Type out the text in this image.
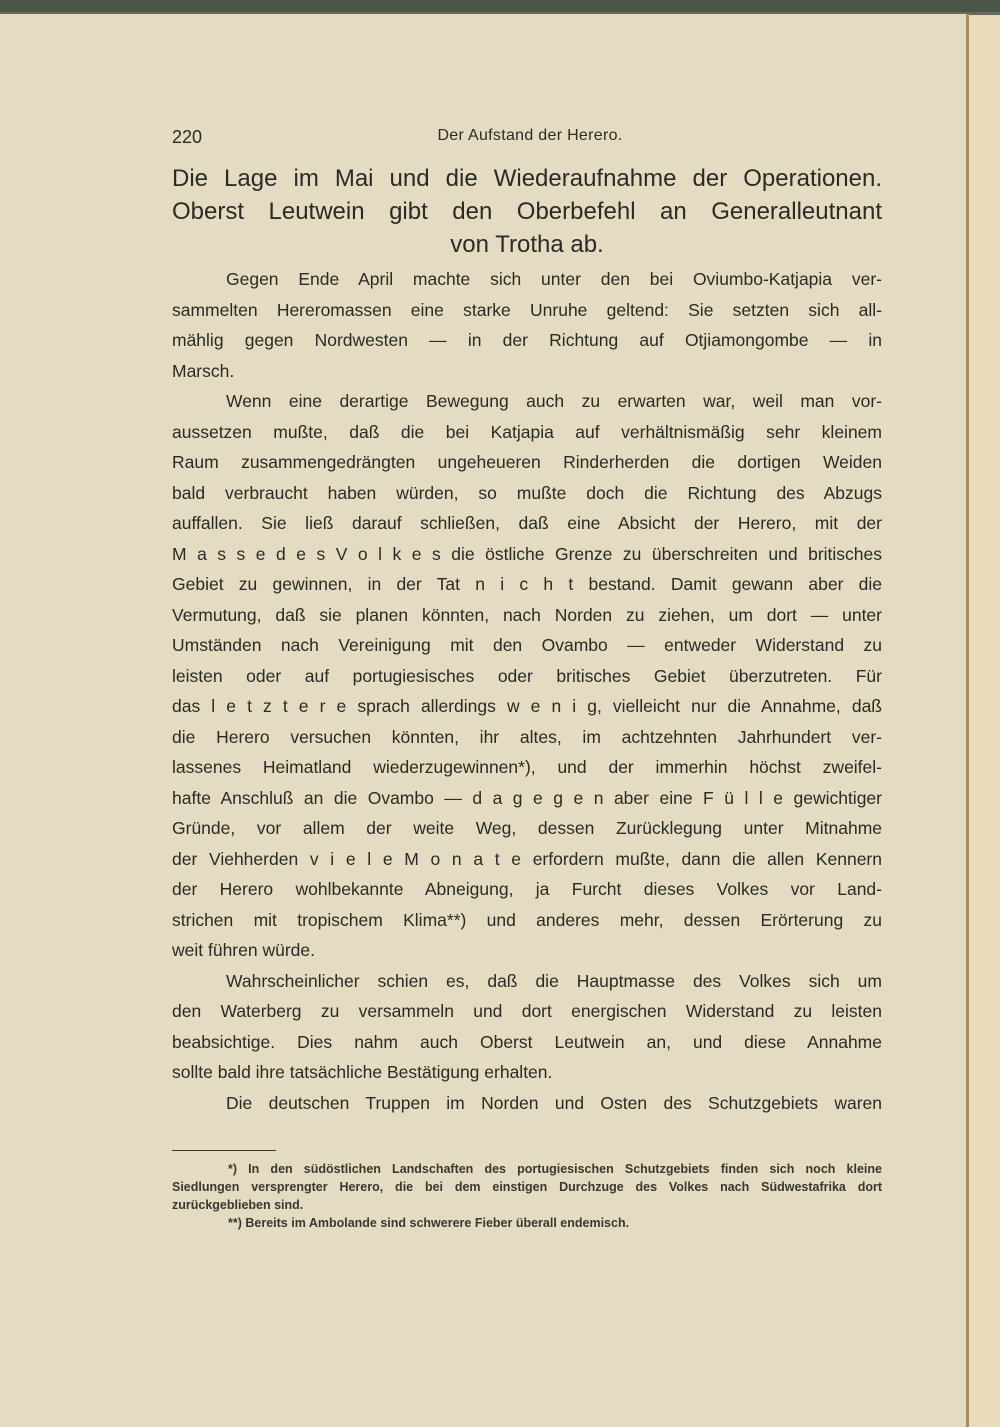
220	Der Aufstand der Herero.
Die Lage im Mai und die Wiederaufnahme der Operationen.
Oberst Leutwein gibt den Oberbefehl an Generalleutnant
von Trotha ab.
Gegen Ende April machte sich unter den bei Oviumbo-Katjapia ver-
sammelten Hereromassen eine starke Unruhe geltend: Sie setzten sich all-
mählig gegen Nordwesten — in der Richtung auf Otjiamongombe — in
Marsch.
Wenn eine derartige Bewegung auch zu erwarten war, weil man vor-
aussetzen mußte, daß die bei Katjapia auf verhältnismäßig sehr kleinem
Raum zusammengedrängten ungeheueren Rinderherden die dortigen Weiden
bald verbraucht haben würden, so mußte doch die Richtung des Abzugs
auffallen. Sie ließ darauf schließen, daß eine Absicht der Herero, mit der
M a s s e d e s V o l k e s die östliche Grenze zu überschreiten und britisches
Gebiet zu gewinnen, in der Tat n i c h t bestand. Damit gewann aber die
Vermutung, daß sie planen könnten, nach Norden zu ziehen, um dort — unter
Umständen nach Vereinigung mit den Ovambo — entweder Widerstand zu
leisten oder auf portugiesisches oder britisches Gebiet überzutreten. Für
das l e t z t e r e sprach allerdings w e n i g, vielleicht nur die Annahme, daß
die Herero versuchen könnten, ihr altes, im achtzehnten Jahrhundert ver-
lassenes Heimatland wiederzugewinnen*), und der immerhin höchst zweifel-
hafte Anschluß an die Ovambo — d a g e g e n aber eine F ü l l e gewichtiger
Gründe, vor allem der weite Weg, dessen Zurücklegung unter Mitnahme
der Viehherden v i e l e M o n a t e erfordern mußte, dann die allen Kennern
der Herero wohlbekannte Abneigung, ja Furcht dieses Volkes vor Land-
strichen mit tropischem Klima**) und anderes mehr, dessen Erörterung zu
weit führen würde.
Wahrscheinlicher schien es, daß die Hauptmasse des Volkes sich um
den Waterberg zu versammeln und dort energischen Widerstand zu leisten
beabsichtige. Dies nahm auch Oberst Leutwein an, und diese Annahme
sollte bald ihre tatsächliche Bestätigung erhalten.
Die deutschen Truppen im Norden und Osten des Schutzgebiets waren
*) In den südöstlichen Landschaften des portugiesischen Schutzgebiets finden sich noch kleine
Siedlungen versprengter Herero, die bei dem einstigen Durchzuge des Volkes nach Südwestafrika dort
zurückgeblieben sind.
**) Bereits im Ambolande sind schwerere Fieber überall endemisch.
